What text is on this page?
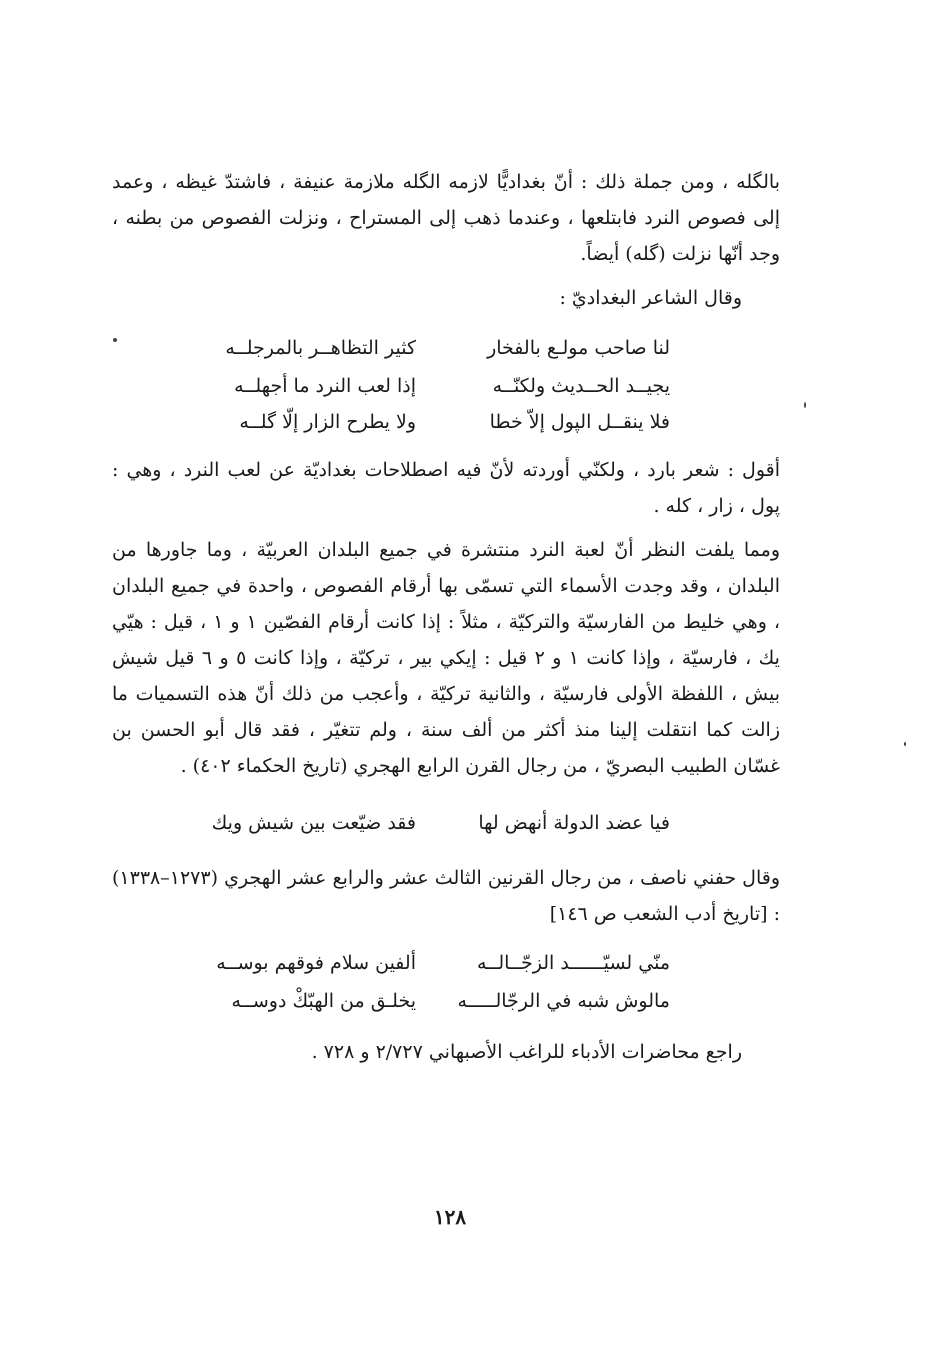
بالگله ، ومن جملة ذلك : أنّ بغداديًّا لازمه الگله ملازمة عنيفة ، فاشتدّ غيظه ، وعمد إلى فصوص النرد فابتلعها ، وعندما ذهب إلى المستراح ، ونزلت الفصوص من بطنه ، وجد أنّها نزلت (گله) أيضاً.
وقال الشاعر البغداديّ :
لنا صاحب مولـع بالفخار
كثير التظاهــر بالمرجلــه
يجيــد الحــديث ولكنّــه
إذا لعب النرد ما أجهلــه
فلا ينقــل الپول إلاّ خطا
ولا يطرح الزار إلّا گلــه
أقول : شعر بارد ، ولكنّي أوردته لأنّ فيه اصطلاحات بغداديّة عن لعب النرد ، وهي : پول ، زار ، كله .
ومما يلفت النظر أنّ لعبة النرد منتشرة في جميع البلدان العربيّة ، وما جاورها من البلدان ، وقد وجدت الأسماء التي تسمّى بها أرقام الفصوص ، واحدة في جميع البلدان ، وهي خليط من الفارسيّة والتركيّة ، مثلاً : إذا كانت أرقام الفصّين ١ و ١ ، قيل : هيّي يك ، فارسيّة ، وإذا كانت ١ و ٢ قيل : إيكي بير ، تركيّة ، وإذا كانت ٥ و ٦ قيل شيش بيش ، اللفظة الأولى فارسيّة ، والثانية تركيّة ، وأعجب من ذلك أنّ هذه التسميات ما زالت كما انتقلت إلينا منذ أكثر من ألف سنة ، ولم تتغيّر ، فقد قال أبو الحسن بن غسّان الطبيب البصريّ ، من رجال القرن الرابع الهجري (تاريخ الحكماء ٤٠٢) .
فيا عضد الدولة أنهض لها
فقد ضيّعت بين شيش ويك
وقال حفني ناصف ، من رجال القرنين الثالث عشر والرابع عشر الهجري (١٢٧٣–١٣٣٨) : [تاريخ أدب الشعب ص ١٤٦]
منّي لسيّــــــد الزجّــالــه
ألفين سلام فوقهم بوســه
مالوش شبه في الرجّالـــــه
يخلـق من الهبّكْ دوســه
راجع محاضرات الأدباء للراغب الأصبهاني ٢/٧٢٧ و ٧٢٨ .
١٢٨
